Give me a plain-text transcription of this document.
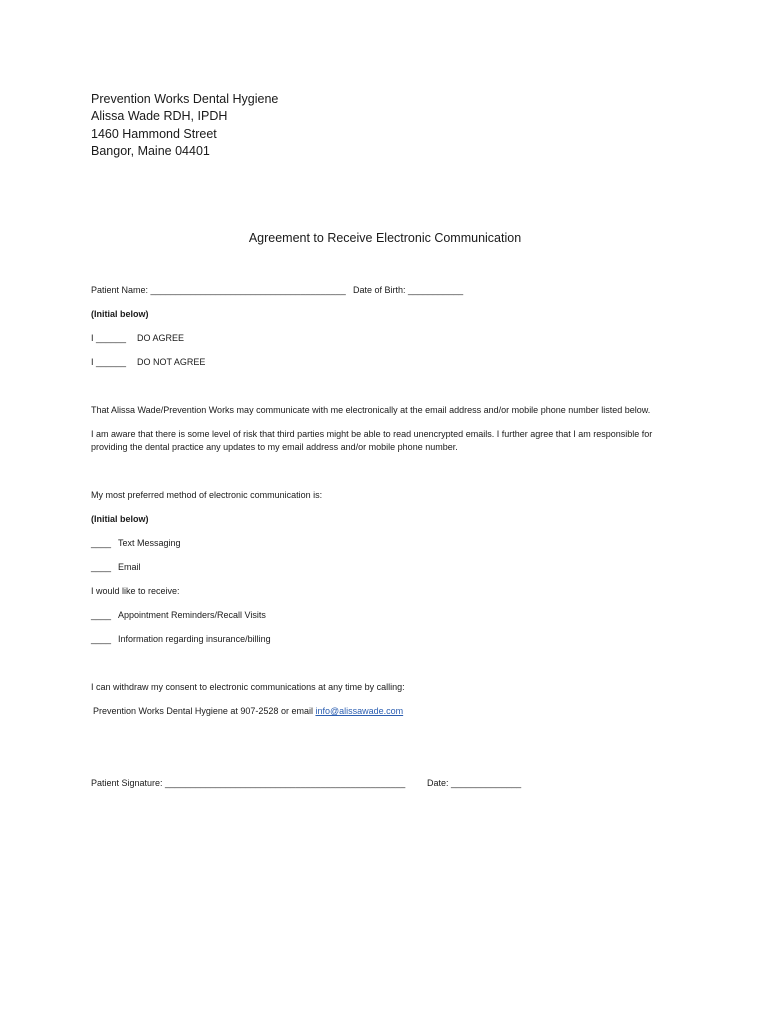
Prevention Works Dental Hygiene
Alissa Wade RDH, IPDH
1460 Hammond Street
Bangor, Maine 04401
Agreement to Receive Electronic Communication
Patient Name: _______________________________________ Date of Birth: ___________
(Initial below)
I ______ DO AGREE
I ______ DO NOT AGREE
That Alissa Wade/Prevention Works may communicate with me electronically at the email address and/or mobile phone number listed below.
I am aware that there is some level of risk that third parties might be able to read unencrypted emails. I further agree that I am responsible for
providing the dental practice any updates to my email address and/or mobile phone number.
My most preferred method of electronic communication is:
(Initial below)
____ Text Messaging
____ Email
I would like to receive:
____ Appointment Reminders/Recall Visits
____ Information regarding insurance/billing
I can withdraw my consent to electronic communications at any time by calling:
Prevention Works Dental Hygiene at 907-2528 or email info@alissawade.com
Patient Signature: ________________________________________________ Date: ______________
